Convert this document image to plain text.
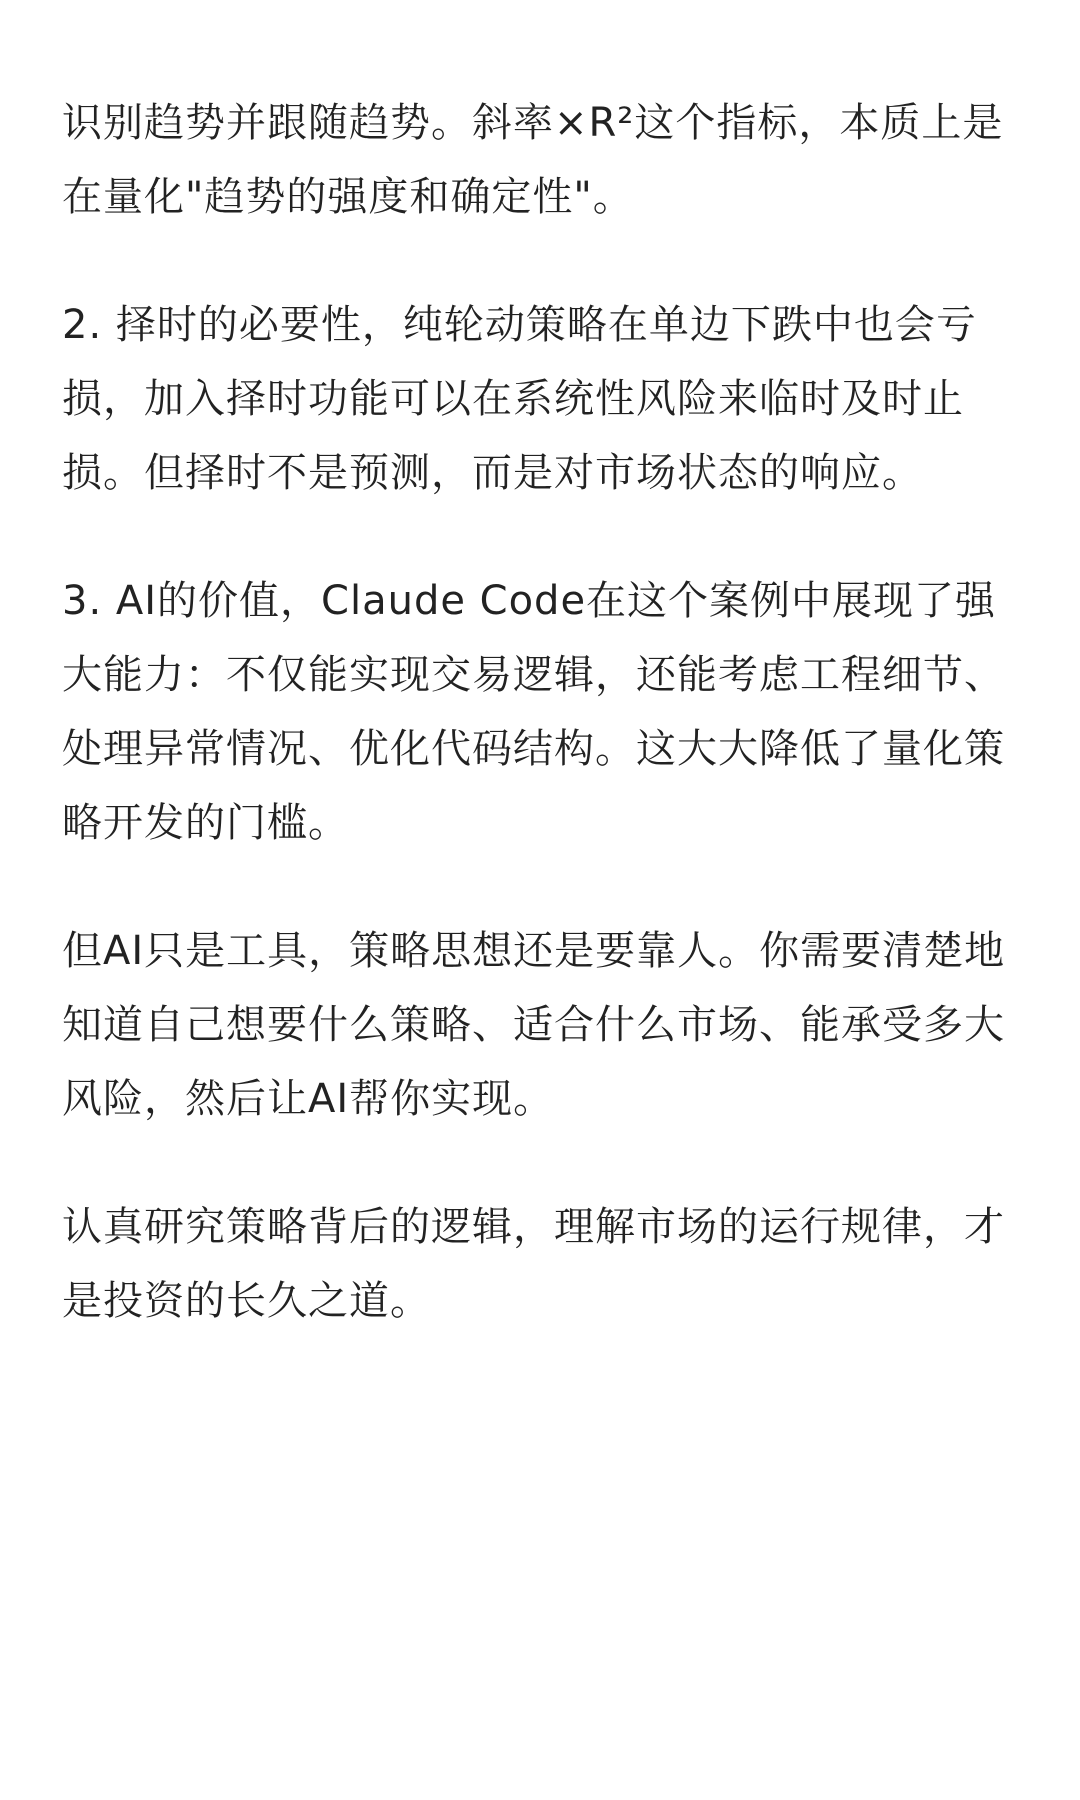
识别趋势并跟随趋势。斜率×R²这个指标，本质上是在量化"趋势的强度和确定性"。

2. 择时的必要性，纯轮动策略在单边下跌中也会亏损，加入择时功能可以在系统性风险来临时及时止损。但择时不是预测，而是对市场状态的响应。

3. AI的价值，Claude Code在这个案例中展现了强大能力：不仅能实现交易逻辑，还能考虑工程细节、处理异常情况、优化代码结构。这大大降低了量化策略开发的门槛。

但AI只是工具，策略思想还是要靠人。你需要清楚地知道自己想要什么策略、适合什么市场、能承受多大风险，然后让AI帮你实现。

认真研究策略背后的逻辑，理解市场的运行规律，才是投资的长久之道。
